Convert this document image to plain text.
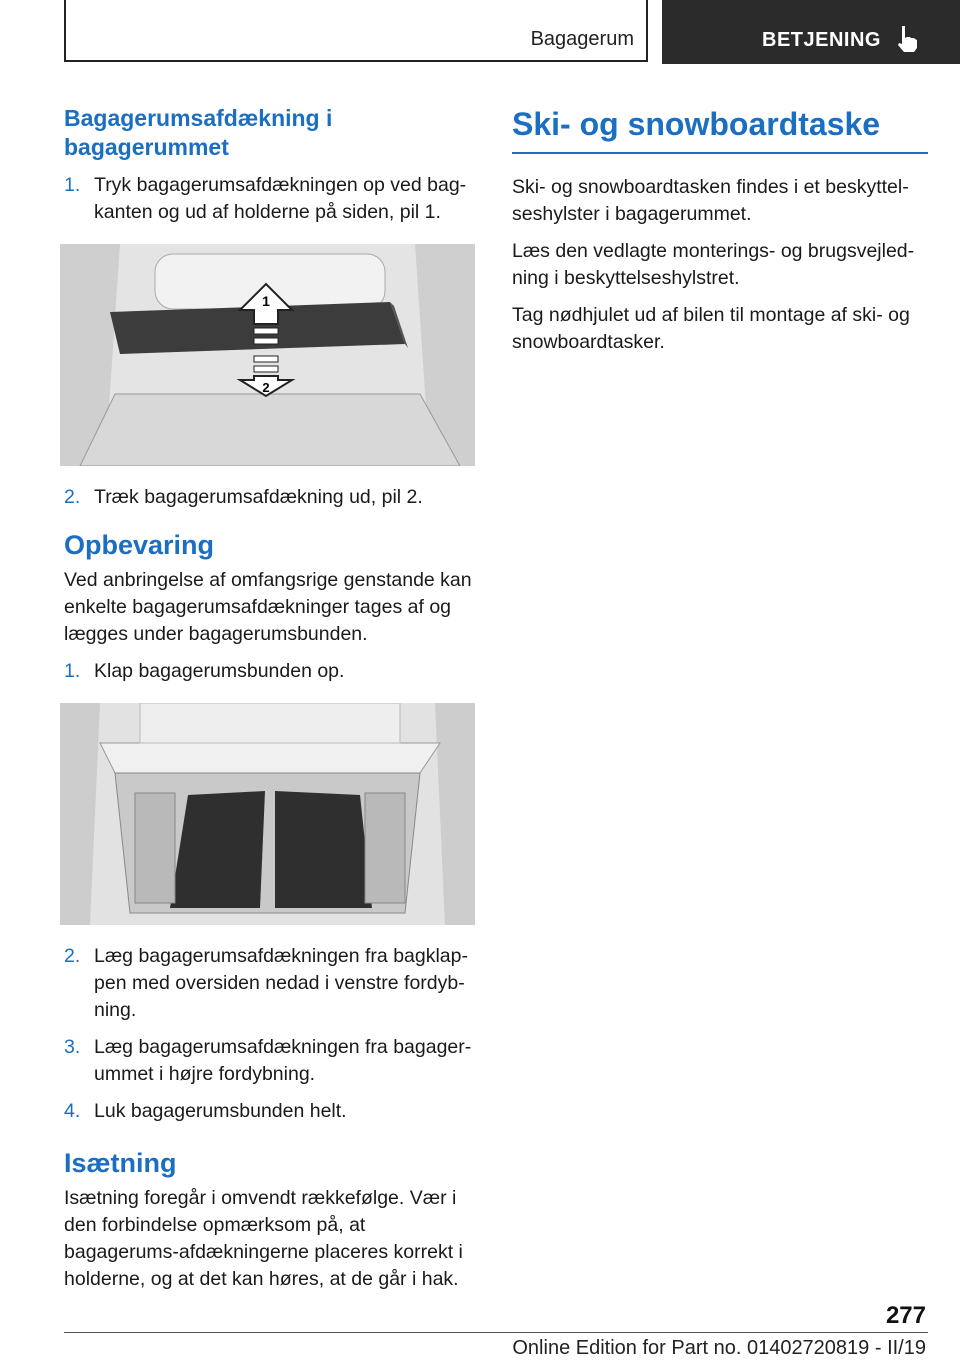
Bagagerum	BETJENING
Bagagerumsafdækning i bagagerummet
1. Tryk bagagerumsafdækningen op ved bag-kanten og ud af holderne på siden, pil 1.
1
2
2. Træk bagagerumsafdækning ud, pil 2.
Opbevaring

Ved anbringelse af omfangsrige genstande kan enkelte bagagerumsafdækninger tages af og lægges under bagagerumsbunden.

1. Klap bagagerumsbunden op.
2. Læg bagagerumsafdækningen fra bagklap-pen med oversiden nedad i venstre fordyb-ning.
3. Læg bagagerumsafdækningen fra bagager-ummet i højre fordybning.
4. Luk bagagerumsbunden helt.
Isætning

Isætning foregår i omvendt rækkefølge. Vær i den forbindelse opmærksom på, at bagagerums-afdækningerne placeres korrekt i holderne, og at det kan høres, at de går i hak.

Ski- og snowboardtaske

Ski- og snowboardtasken findes i et beskyttel-seshylster i bagagerummet.

Læs den vedlagte monterings- og brugsvejled-ning i beskyttelseshylstret.

Tag nødhjulet ud af bilen til montage af ski- og snowboardtasker.

277
Online Edition for Part no. 01402720819 - II/19
